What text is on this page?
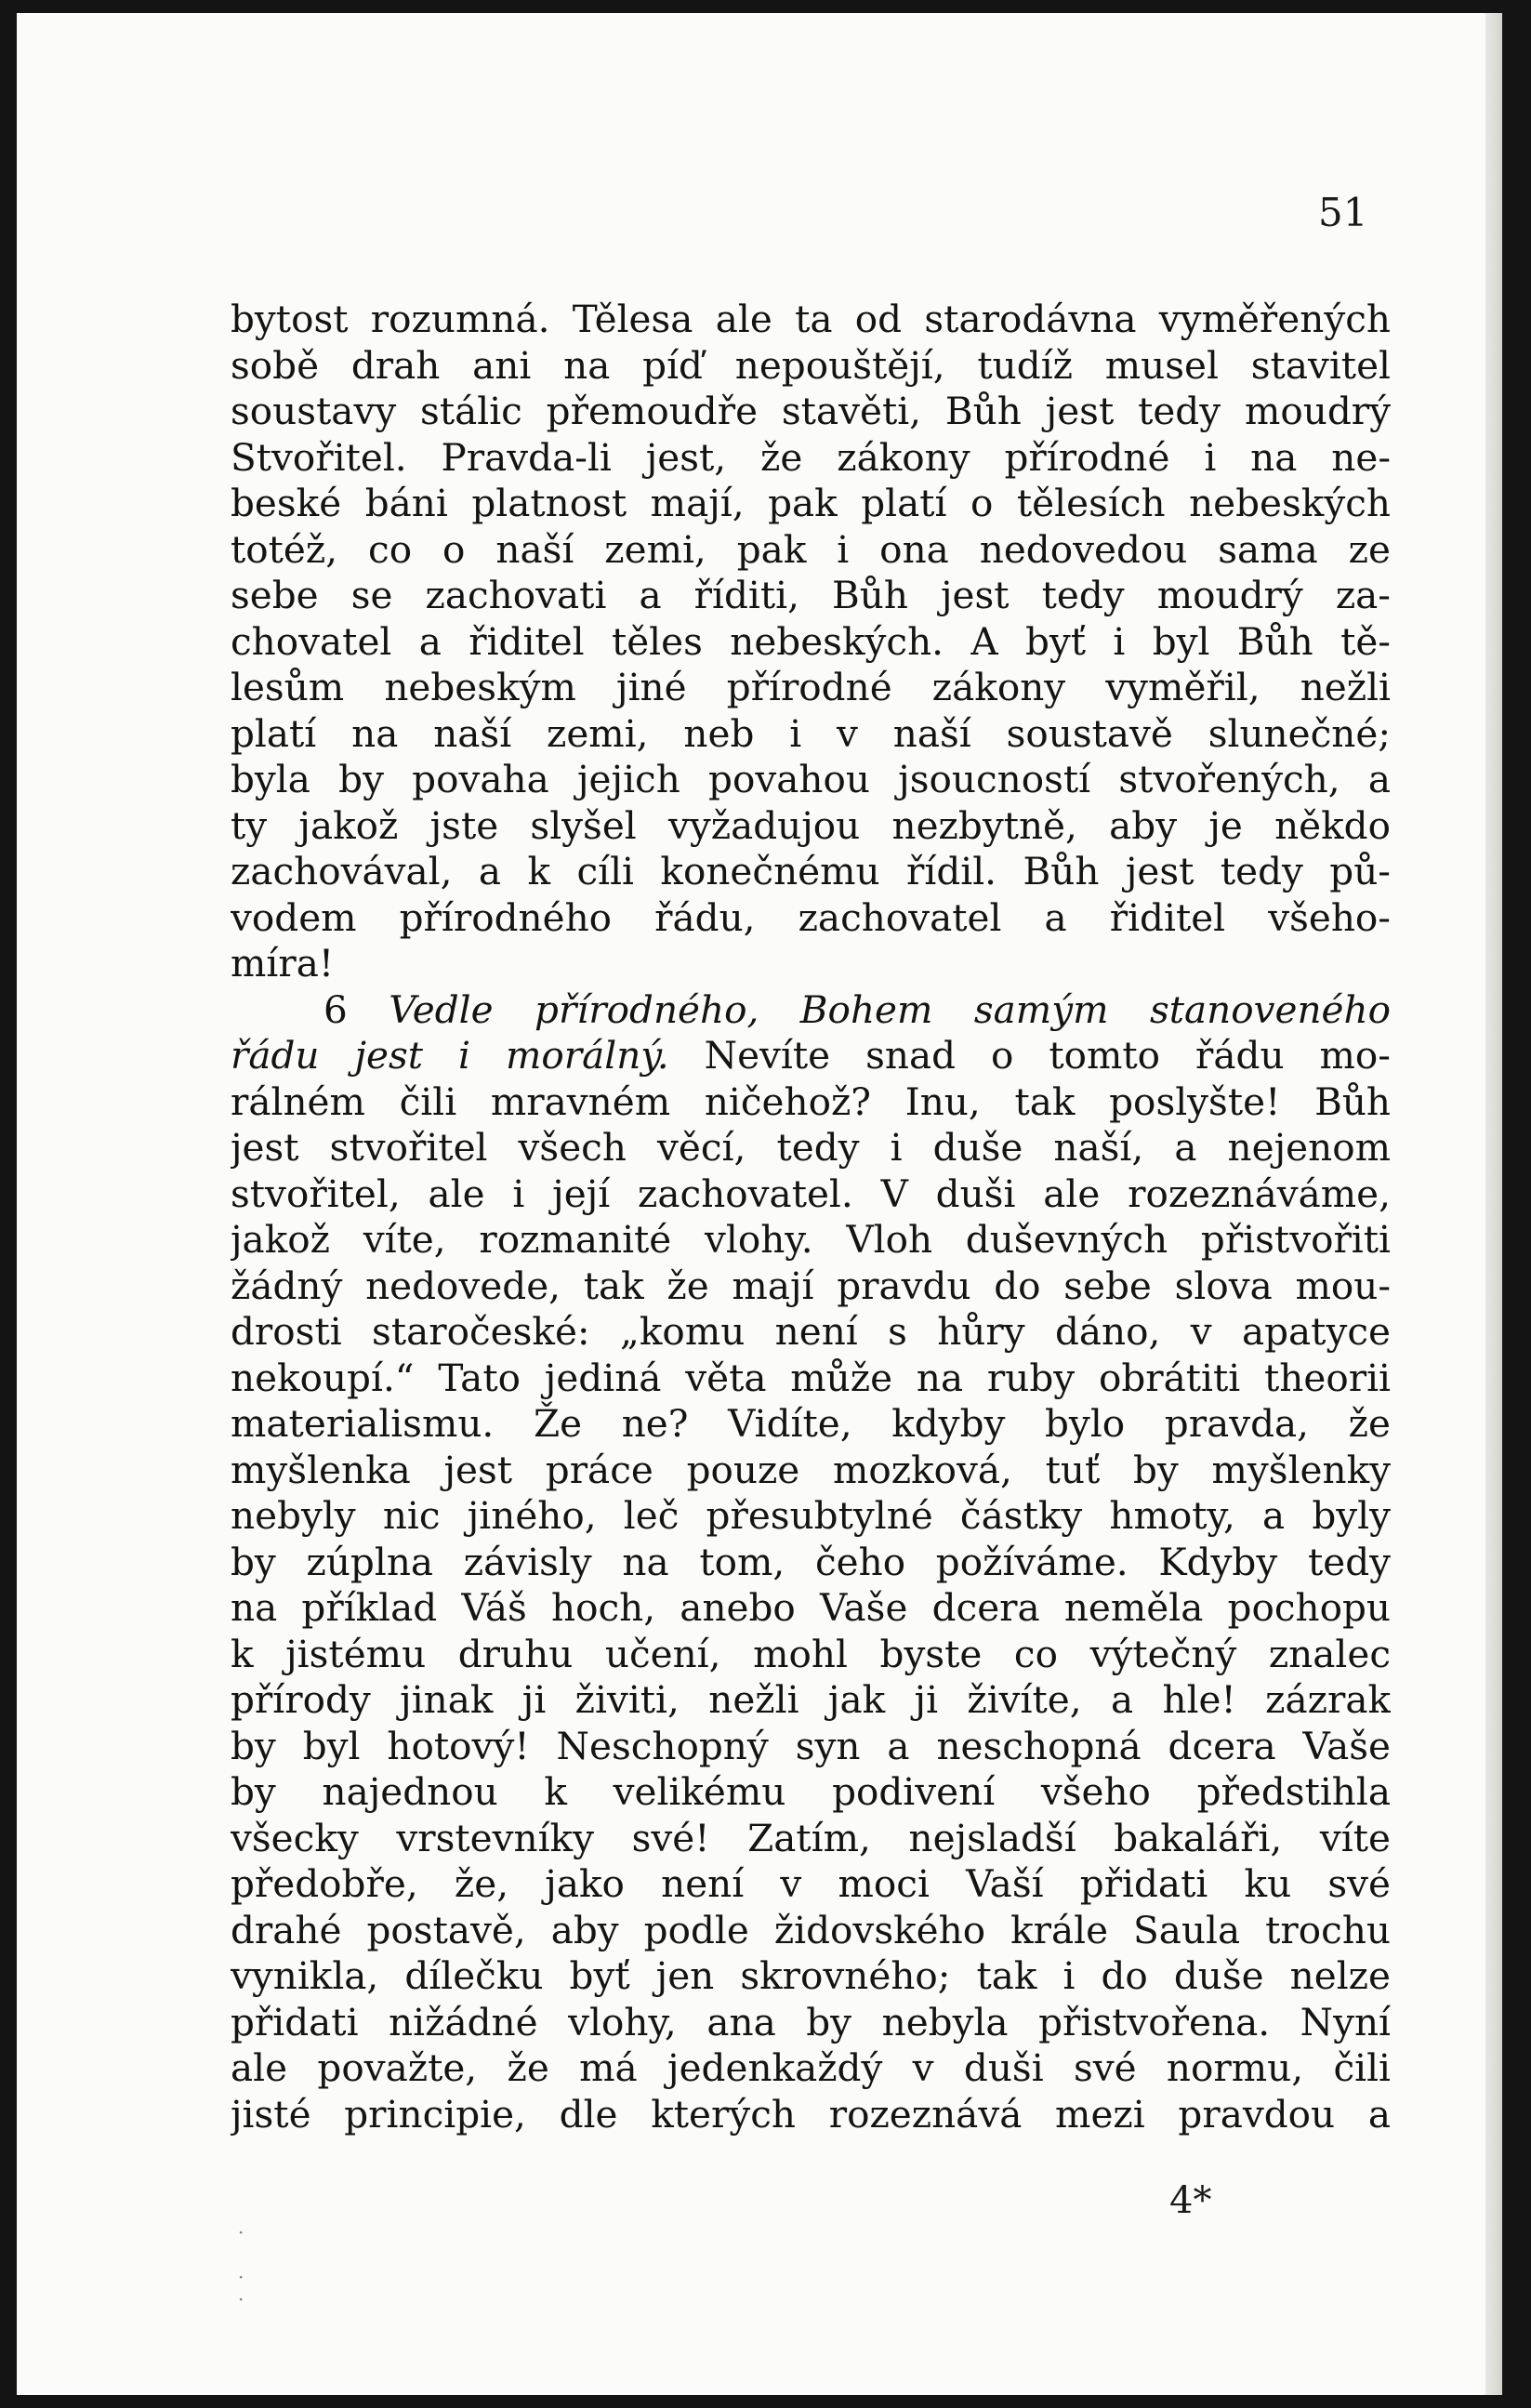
51
bytost rozumná. Tělesa ale ta od starodávna vyměřených
sobě drah ani na píď nepouštějí, tudíž musel stavitel
soustavy stálic přemoudře stavěti, Bůh jest tedy moudrý
Stvořitel. Pravda-li jest, že zákony přírodné i na ne-
beské báni platnost mají, pak platí o tělesích nebeských
totéž, co o naší zemi, pak i ona nedovedou sama ze
sebe se zachovati a říditi, Bůh jest tedy moudrý za-
chovatel a řiditel těles nebeských. A byť i byl Bůh tě-
lesům nebeským jiné přírodné zákony vyměřil, nežli
platí na naší zemi, neb i v naší soustavě slunečné;
byla by povaha jejich povahou jsoucností stvořených, a
ty jakož jste slyšel vyžadujou nezbytně, aby je někdo
zachovával, a k cíli konečnému řídil. Bůh jest tedy pů-
vodem přírodného řádu, zachovatel a řiditel všeho-
míra!
6 Vedle přírodného, Bohem samým stanoveného
řádu jest i morálný. Nevíte snad o tomto řádu mo-
rálném čili mravném ničehož? Inu, tak poslyšte! Bůh
jest stvořitel všech věcí, tedy i duše naší, a nejenom
stvořitel, ale i její zachovatel. V duši ale rozeznáváme,
jakož víte, rozmanité vlohy. Vloh duševných přistvořiti
žádný nedovede, tak že mají pravdu do sebe slova mou-
drosti staročeské: „komu není s hůry dáno, v apatyce
nekoupí.“ Tato jediná věta může na ruby obrátiti theorii
materialismu. Že ne? Vidíte, kdyby bylo pravda, že
myšlenka jest práce pouze mozková, tuť by myšlenky
nebyly nic jiného, leč přesubtylné částky hmoty, a byly
by zúplna závisly na tom, čeho požíváme. Kdyby tedy
na příklad Váš hoch, anebo Vaše dcera neměla pochopu
k jistému druhu učení, mohl byste co výtečný znalec
přírody jinak ji živiti, nežli jak ji živíte, a hle! zázrak
by byl hotový! Neschopný syn a neschopná dcera Vaše
by najednou k velikému podivení všeho předstihla
všecky vrstevníky své! Zatím, nejsladší bakaláři, víte
předobře, že, jako není v moci Vaší přidati ku své
drahé postavě, aby podle židovského krále Saula trochu
vynikla, dílečku byť jen skrovného; tak i do duše nelze
přidati nižádné vlohy, ana by nebyla přistvořena. Nyní
ale považte, že má jedenkaždý v duši své normu, čili
jisté principie, dle kterých rozeznává mezi pravdou a
4*
·

·
·
